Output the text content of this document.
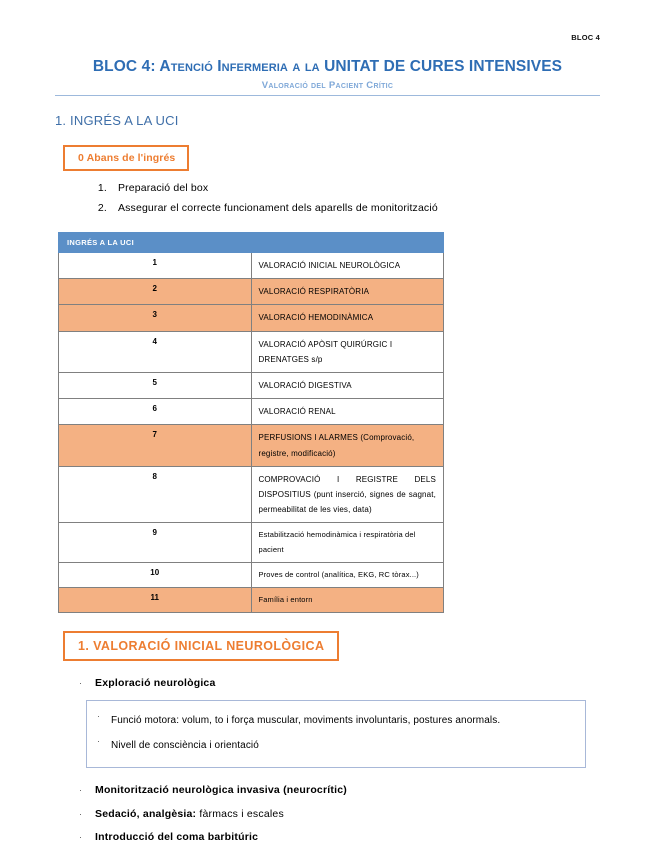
BLOC 4
BLOC 4: Atenció Infermeria a la UNITAT DE CURES INTENSIVES
Valoració del Pacient Crític
1. INGRÉS A LA UCI
0 Abans de l'ingrés
1. Preparació del box
2. Assegurar el correcte funcionament dels aparells de monitorització
INGRÉS A LA UCI	
1	VALORACIÓ INICIAL NEUROLÒGICA
2	VALORACIÓ RESPIRATÒRIA
3	VALORACIÓ HEMODINÀMICA
4	VALORACIÓ APÒSIT QUIRÚRGIC I DRENATGES s/p
5	VALORACIÓ DIGESTIVA
6	VALORACIÓ RENAL
7	PERFUSIONS I ALARMES (Comprovació, registre, modificació)
8	COMPROVACIÓ I REGISTRE DELS DISPOSITIUS (punt inserció, signes de sagnat, permeabilitat de les vies, data)
9	Estabilització hemodinàmica i respiratòria del pacient
10	Proves de control (analítica, EKG, RC tòrax...)
11	Família i entorn
1. VALORACIÓ INICIAL NEUROLÒGICA
·	Exploració neurològica
·	Funció motora: volum, to i força muscular, moviments involuntaris, postures anormals.
·	Nivell de consciència i orientació
·	Monitorització neurològica invasiva (neurocrític)
·	Sedació, analgèsia: fàrmacs i escales
·	Introducció del coma barbitúric
